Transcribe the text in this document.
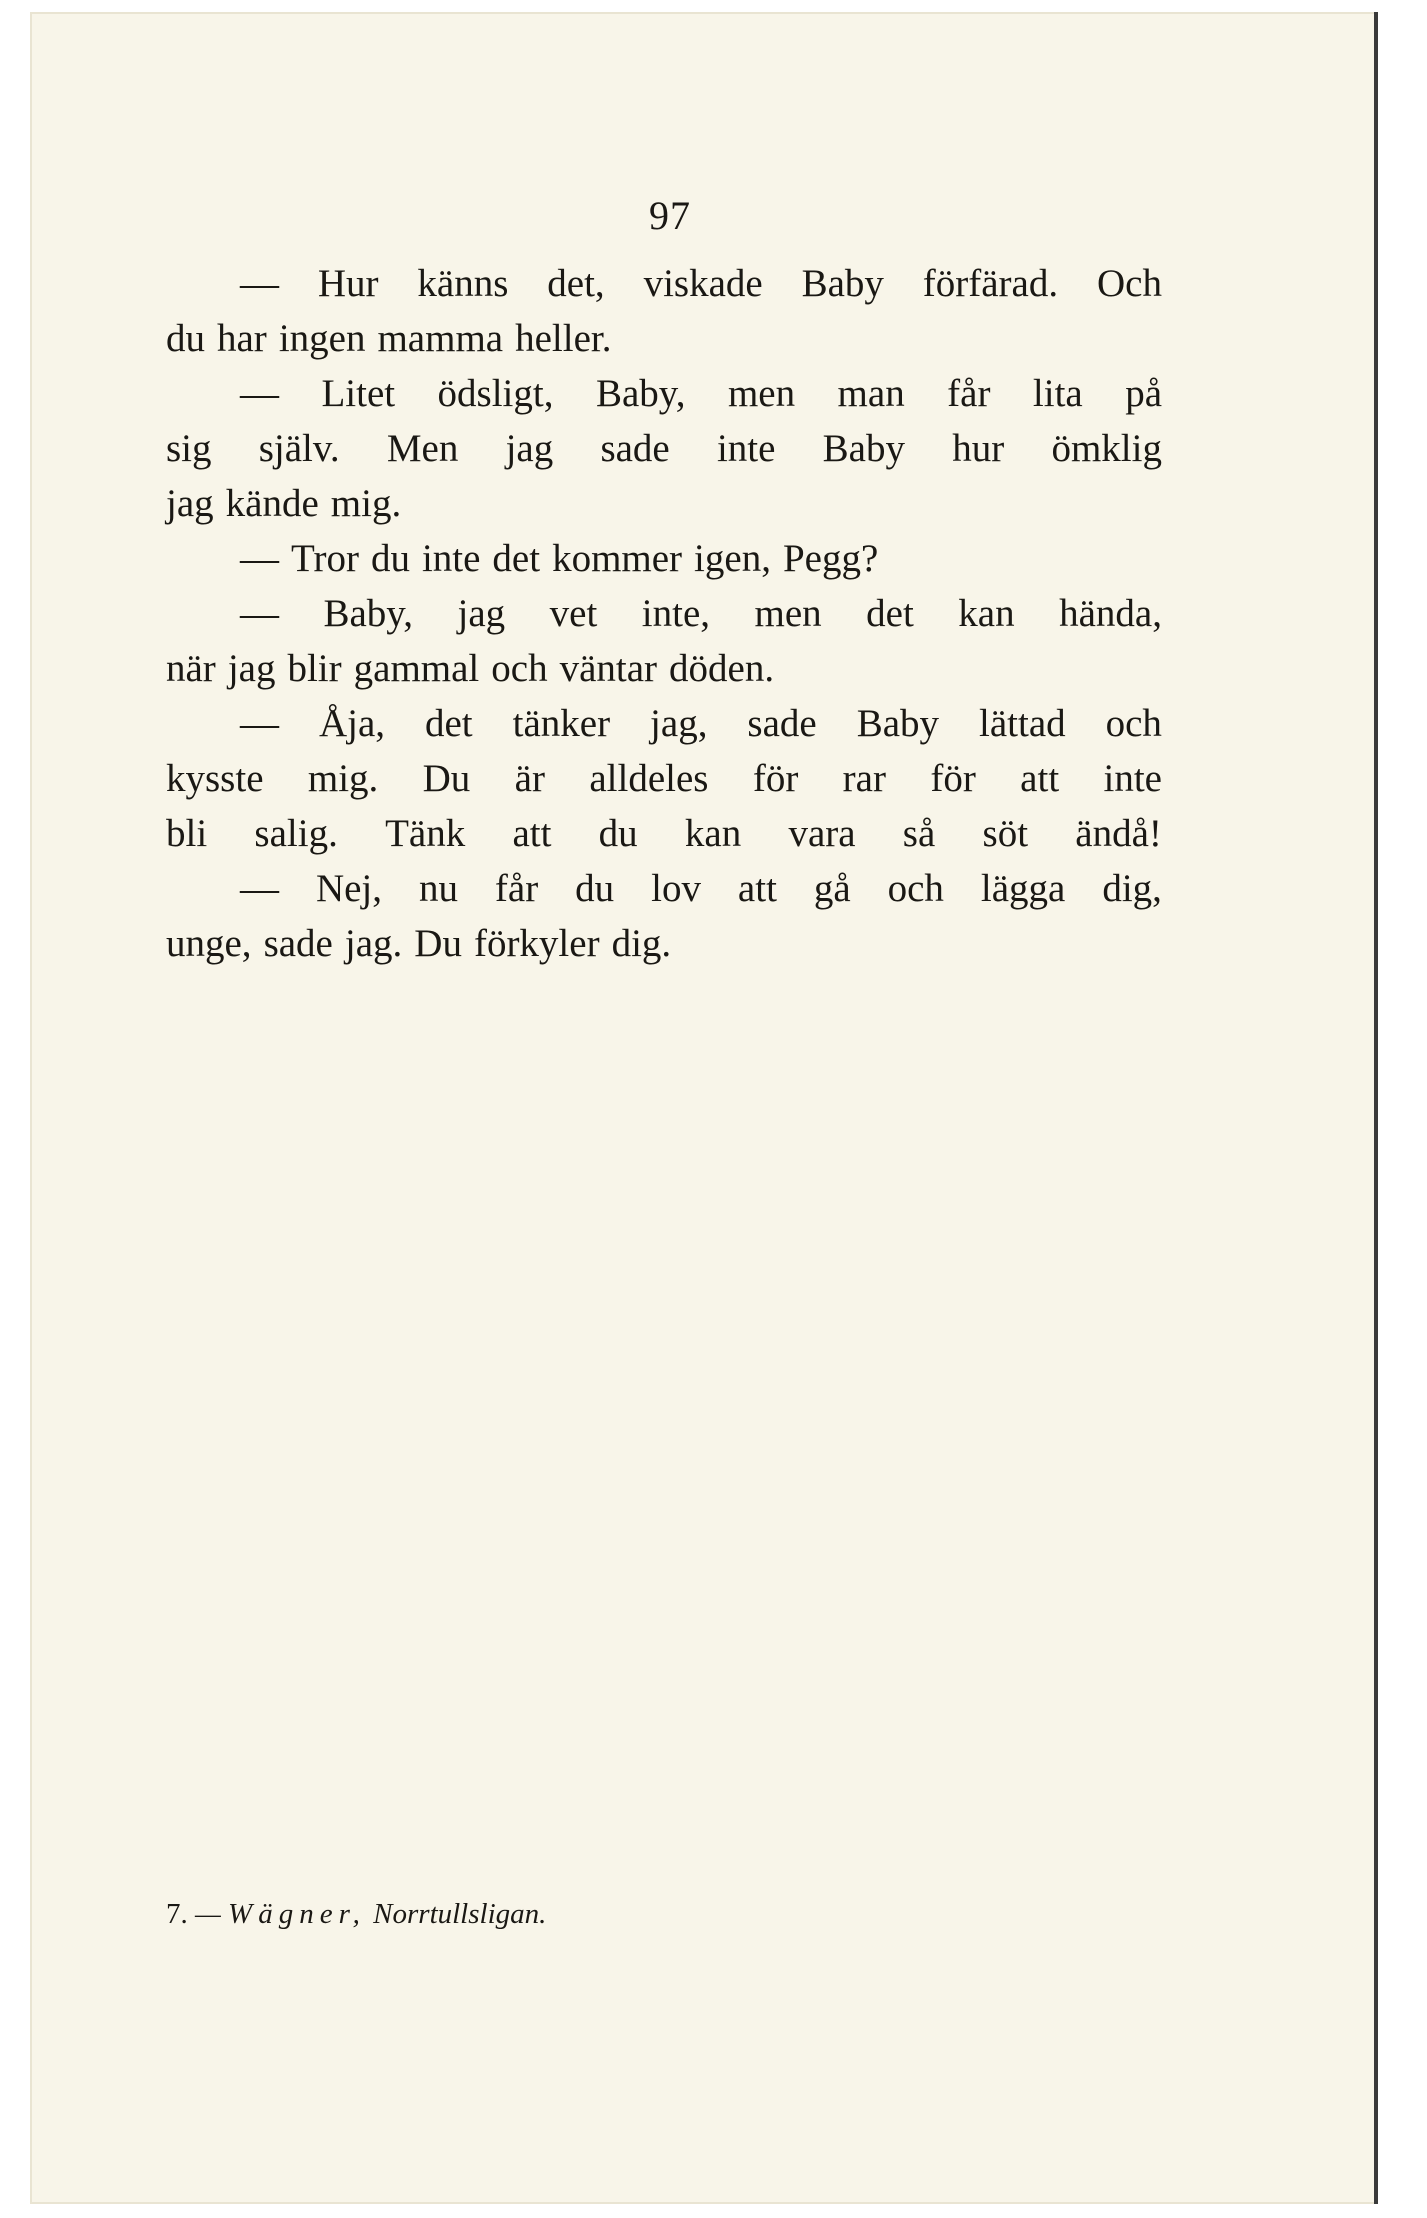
97
— Hur känns det, viskade Baby förfärad. Och
du har ingen mamma heller.
— Litet ödsligt, Baby, men man får lita på
sig själv. Men jag sade inte Baby hur ömklig
jag kände mig.
— Tror du inte det kommer igen, Pegg?
— Baby, jag vet inte, men det kan hända,
när jag blir gammal och väntar döden.
— Åja, det tänker jag, sade Baby lättad och
kysste mig. Du är alldeles för rar för att inte
bli salig. Tänk att du kan vara så söt ändå!
— Nej, nu får du lov att gå och lägga dig,
unge, sade jag. Du förkyler dig.
7. — Wägner, Norrtullsligan.
